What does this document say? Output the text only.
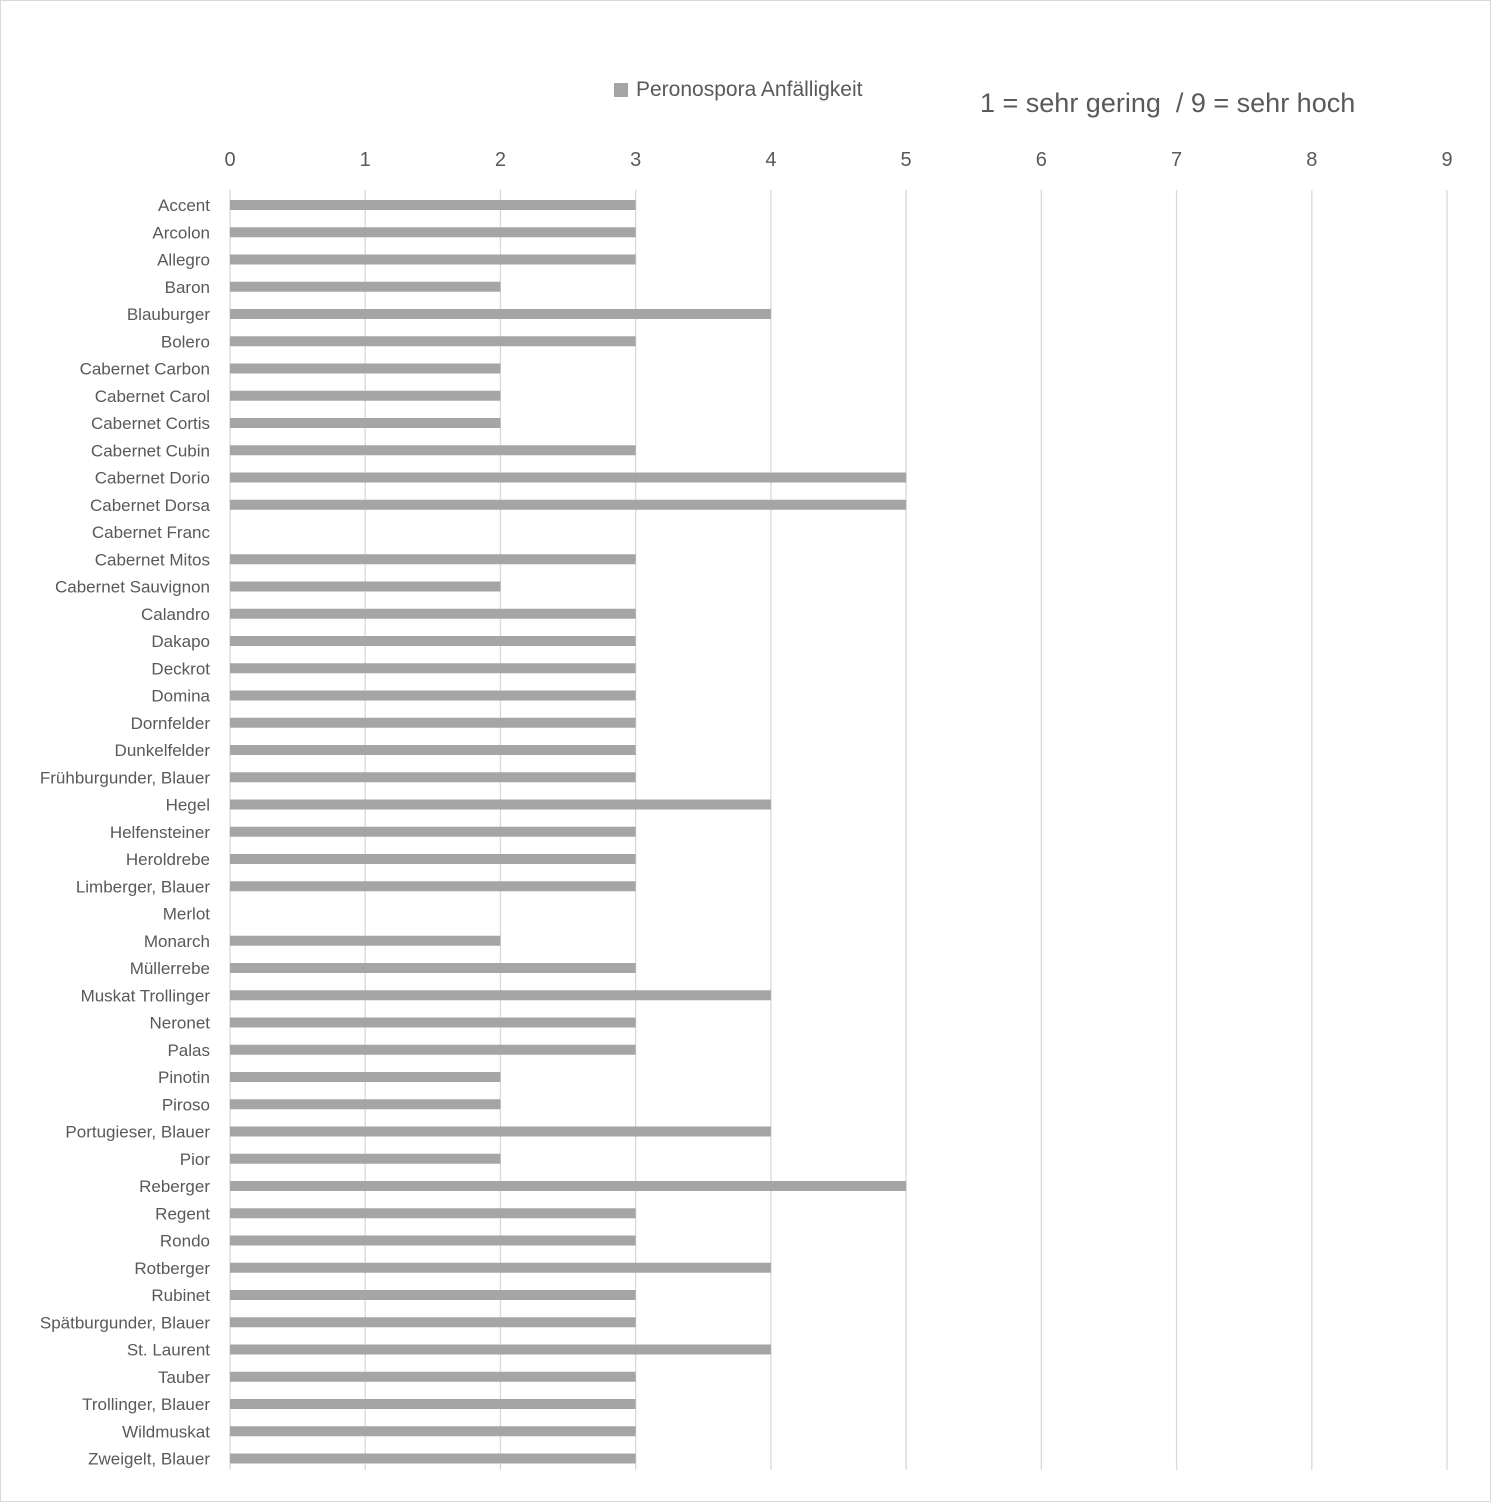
0	1	2	3	4	5	6	7	8	9
Accent
Arcolon
Allegro
Baron
Blauburger
Bolero
Cabernet Carbon
Cabernet Carol
Cabernet Cortis
Cabernet Cubin
Cabernet Dorio
Cabernet Dorsa
Cabernet Franc
Cabernet Mitos
Cabernet Sauvignon
Calandro
Dakapo
Deckrot
Domina
Dornfelder
Dunkelfelder
Frühburgunder, Blauer
Hegel
Helfensteiner
Heroldrebe
Limberger, Blauer
Merlot
Monarch
Müllerrebe
Muskat Trollinger
Neronet
Palas
Pinotin
Piroso
Portugieser, Blauer
Pior
Reberger
Regent
Rondo
Rotberger
Rubinet
Spätburgunder, Blauer
St. Laurent
Tauber
Trollinger, Blauer
Wildmuskat
Zweigelt, Blauer
Peronospora Anfälligkeit	1 = sehr gering  / 9 = sehr hoch
